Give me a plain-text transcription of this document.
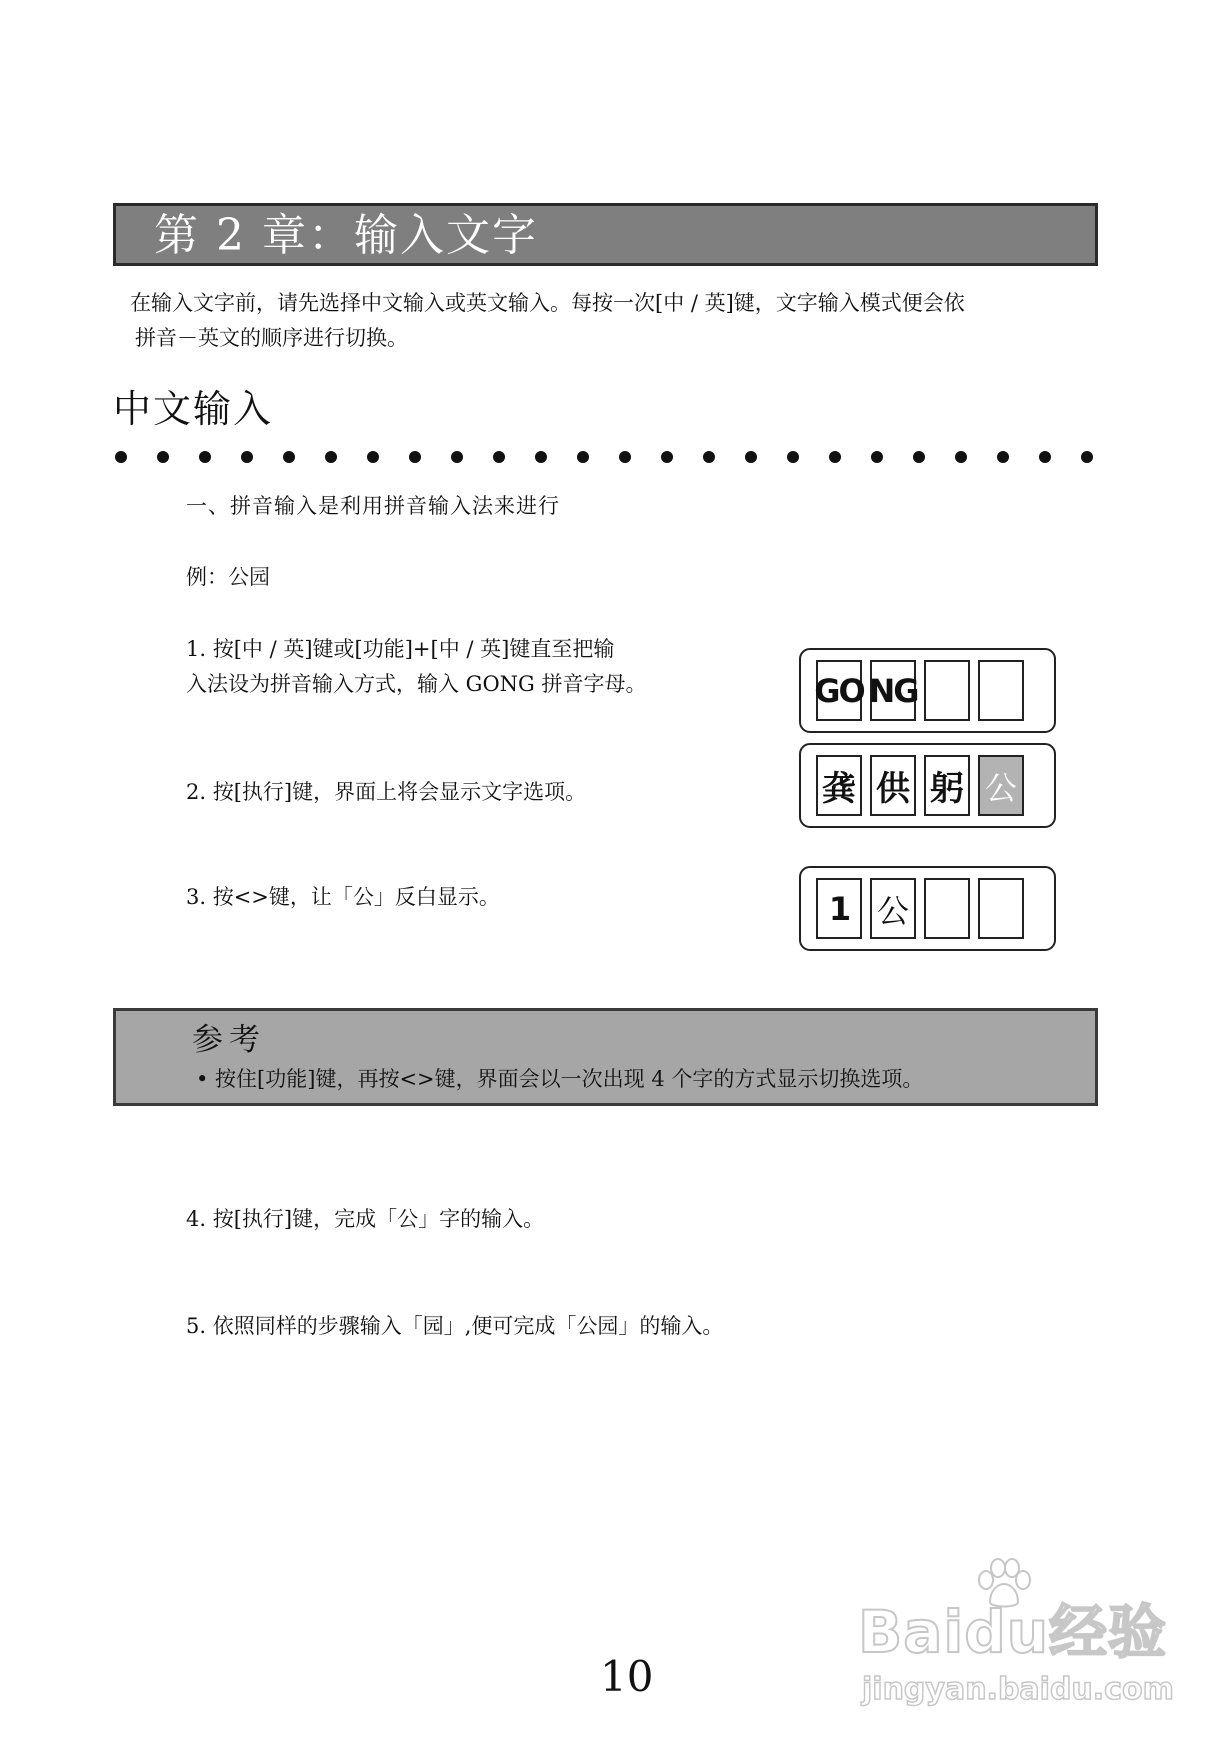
第 2 章：输入文字

在输入文字前，请先选择中文输入或英文输入。每按一次[中 / 英]键，文字输入模式便会依
拼音－英文的顺序进行切换。

中文输入

一、拼音输入是利用拼音输入法来进行

例：公园

1. 按[中 / 英]键或[功能]+[中 / 英]键直至把输
入法设为拼音输入方式，输入 GONG 拼音字母。

2. 按[执行]键，界面上将会显示文字选项。

3. 按<>键，让「公」反白显示。

GO NG
龚 供 躬 公
1 公
参考
• 按住[功能]键，再按<>键，界面会以一次出现 4 个字的方式显示切换选项。

4. 按[执行]键，完成「公」字的输入。

5. 依照同样的步骤输入「园」,便可完成「公园」的输入。

10
Baidu经验
jingyan.baidu.com
